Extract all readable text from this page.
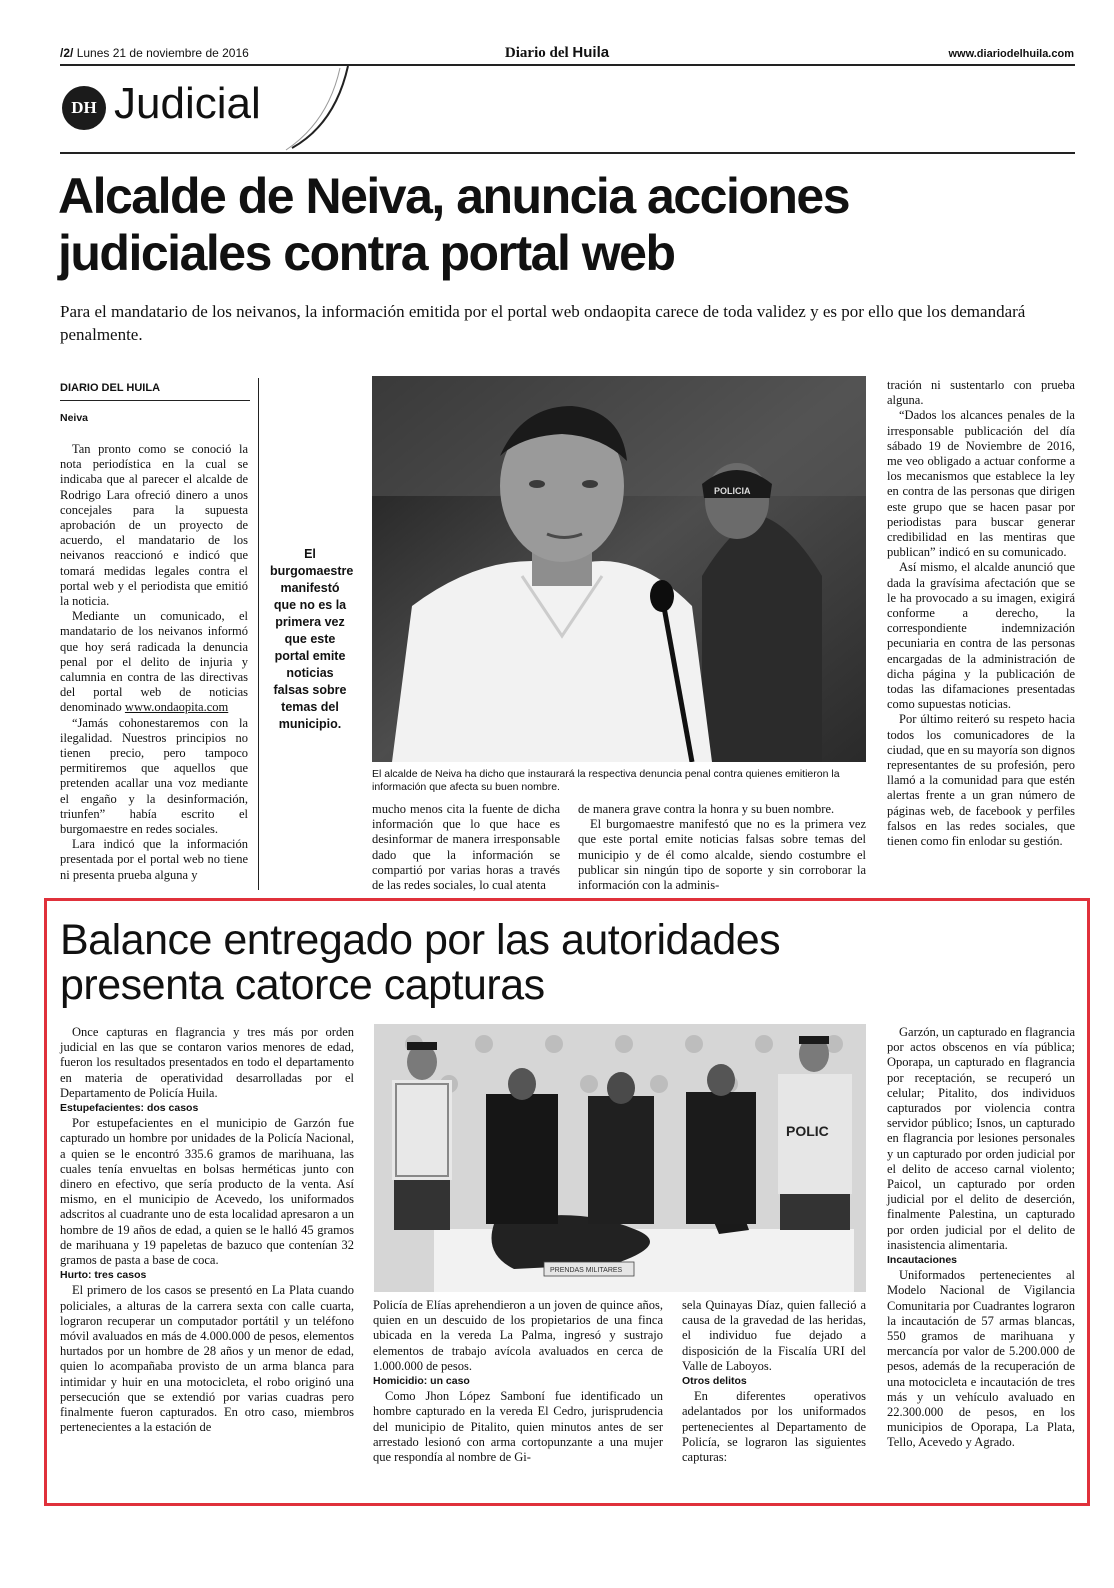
/2/ Lunes 21 de noviembre de 2016	Diario del Huila	www.diariodelhuila.com
DH Judicial
Alcalde de Neiva, anuncia acciones
judiciales contra portal web
Para el mandatario de los neivanos, la información emitida por el portal web ondaopita carece de toda validez y es por ello que los demandará penalmente.
DIARIO DEL HUILA
Neiva

Tan pronto como se conoció la nota periodística en la cual se indicaba que al parecer el alcalde de Rodrigo Lara ofreció dinero a unos concejales para la supuesta aprobación de un proyecto de acuerdo, el mandatario de los neivanos reaccionó e indicó que tomará medidas legales contra el portal web y el periodista que emitió la noticia.

Mediante un comunicado, el mandatario de los neivanos informó que hoy será radicada la denuncia penal por el delito de injuria y calumnia en contra de las directivas del portal web de noticias denominado www.ondaopita.com

“Jamás cohonestaremos con la ilegalidad. Nuestros principios no tienen precio, pero tampoco permitiremos que aquellos que pretenden acallar una voz mediante el engaño y la desinformación, triunfen” había escrito el burgomaestre en redes sociales.

Lara indicó que la información presentada por el portal web no tiene ni presenta prueba alguna y

El burgomaestre manifestó que no es la primera vez que este portal emite noticias falsas sobre temas del municipio.
POLICIA
El alcalde de Neiva ha dicho que instaurará la respectiva denuncia penal contra quienes emitieron la información que afecta su buen nombre.

mucho menos cita la fuente de dicha información que lo que hace es desinformar de manera irresponsable dado que la información se compartió por varias horas a través de las redes sociales, lo cual atenta

de manera grave contra la honra y su buen nombre.

El burgomaestre manifestó que no es la primera vez que este portal emite noticias falsas sobre temas del municipio y de él como alcalde, siendo costumbre el publicar sin ningún tipo de soporte y sin corroborar la información con la adminis-

tración ni sustentarlo con prueba alguna.

“Dados los alcances penales de la irresponsable publicación del día sábado 19 de Noviembre de 2016, me veo obligado a actuar conforme a los mecanismos que establece la ley en contra de las personas que dirigen este grupo que se hacen pasar por periodistas para buscar generar credibilidad en las mentiras que publican” indicó en su comunicado.

Así mismo, el alcalde anunció que dada la gravísima afectación que se le ha provocado a su imagen, exigirá conforme a derecho, la correspondiente indemnización pecuniaria en contra de las personas encargadas de la administración de dicha página y la publicación de todas las difamaciones presentadas como supuestas noticias.

Por último reiteró su respeto hacia todos los comunicadores de la ciudad, que en su mayoría son dignos representantes de su profesión, pero llamó a la comunidad para que estén alertas frente a un gran número de páginas web, de facebook y perfiles falsos en las redes sociales, que tienen como fin enlodar su gestión.

Balance entregado por las autoridades
presenta catorce capturas

Once capturas en flagrancia y tres más por orden judicial en las que se contaron varios menores de edad, fueron los resultados presentados en todo el departamento en materia de operatividad desarrolladas por el Departamento de Policía Huila.

Estupefacientes: dos casos

Por estupefacientes en el municipio de Garzón fue capturado un hombre por unidades de la Policía Nacional, a quien se le encontró 335.6 gramos de marihuana, las cuales tenía envueltas en bolsas herméticas junto con dinero en efectivo, que sería producto de la venta. Así mismo, en el municipio de Acevedo, los uniformados adscritos al cuadrante uno de esta localidad apresaron a un hombre de 19 años de edad, a quien se le halló 45 gramos de marihuana y 19 papeletas de bazuco que contenían 32 gramos de pasta a base de coca.

Hurto: tres casos

El primero de los casos se presentó en La Plata cuando policiales, a alturas de la carrera sexta con calle cuarta, lograron recuperar un computador portátil y un teléfono móvil avaluados en más de 4.000.000 de pesos, elementos hurtados por un hombre de 28 años y un menor de edad, quien lo acompañaba provisto de un arma blanca para intimidar y huir en una motocicleta, el robo originó una persecución que se extendió por varias cuadras pero finalmente fueron capturados. En otro caso, miembros pertenecientes a la estación de

PRENDAS MILITARES
POLIC

Policía de Elías aprehendieron a un joven de quince años, quien en un descuido de los propietarios de una finca ubicada en la vereda La Palma, ingresó y sustrajo elementos de trabajo avícola avaluados en cerca de 1.000.000 de pesos.

Homicidio: un caso

Como Jhon López Samboní fue identificado un hombre capturado en la vereda El Cedro, jurisprudencia del municipio de Pitalito, quien minutos antes de ser arrestado lesionó con arma cortopunzante a una mujer que respondía al nombre de Gi-

sela Quinayas Díaz, quien falleció a causa de la gravedad de las heridas, el individuo fue dejado a disposición de la Fiscalía URI del Valle de Laboyos.

Otros delitos

En diferentes operativos adelantados por los uniformados pertenecientes al Departamento de Policía, se lograron las siguientes capturas:

Garzón, un capturado en flagrancia por actos obscenos en vía pública; Oporapa, un capturado en flagrancia por receptación, se recuperó un celular; Pitalito, dos individuos capturados por violencia contra servidor público; Isnos, un capturado en flagrancia por lesiones personales y un capturado por orden judicial por el delito de acceso carnal violento; Paicol, un capturado por orden judicial por el delito de deserción, finalmente Palestina, un capturado por orden judicial por el delito de inasistencia alimentaria.

Incautaciones

Uniformados pertenecientes al Modelo Nacional de Vigilancia Comunitaria por Cuadrantes lograron la incautación de 57 armas blancas, 550 gramos de marihuana y mercancía por valor de 5.200.000 de pesos, además de la recuperación de una motocicleta e incautación de tres más y un vehículo avaluado en 22.300.000 de pesos, en los municipios de Oporapa, La Plata, Tello, Acevedo y Agrado.
